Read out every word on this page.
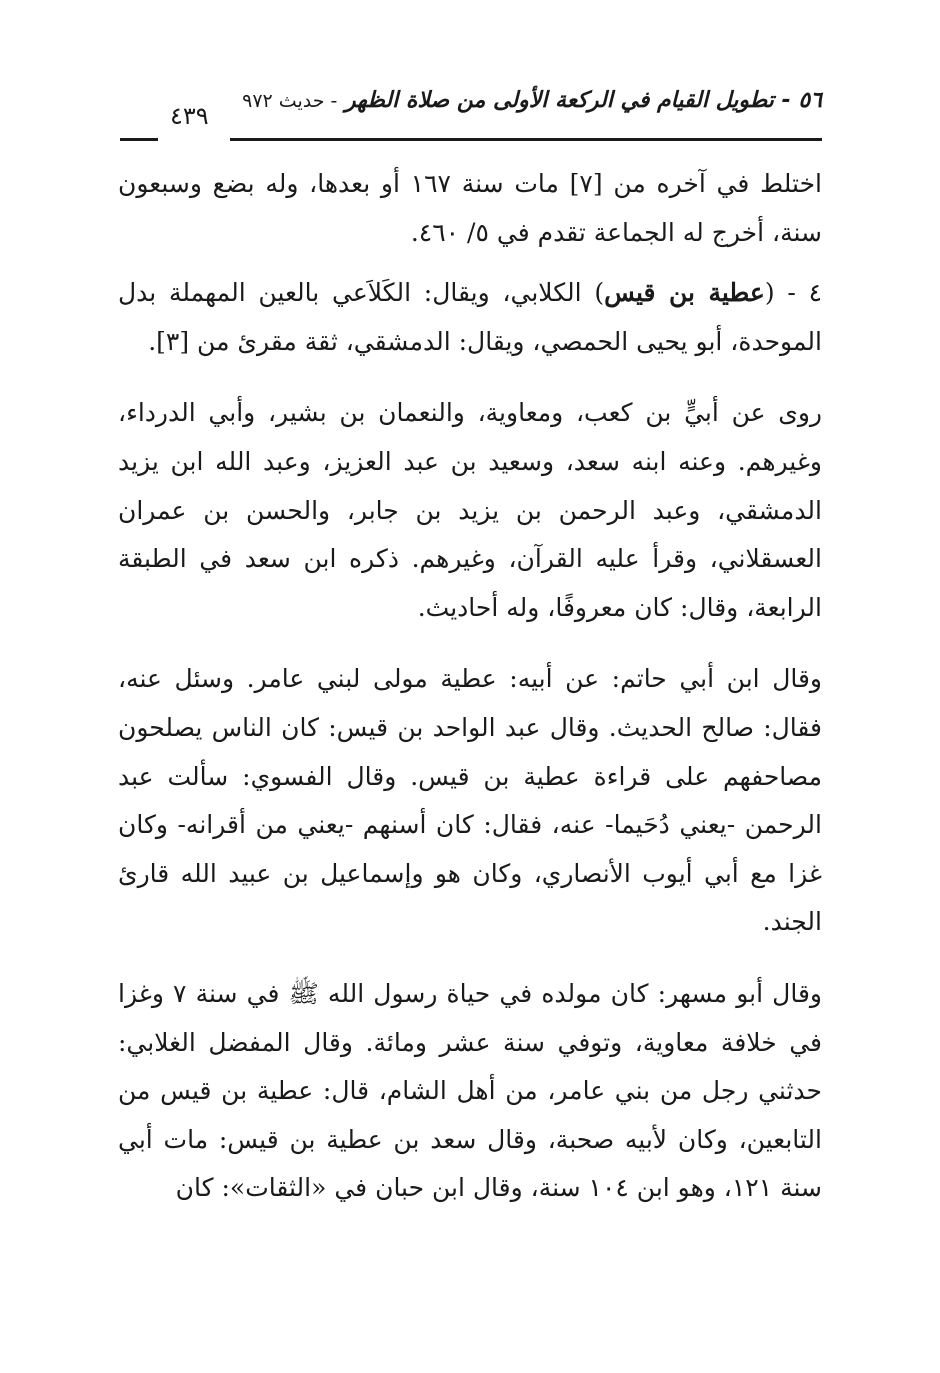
٥٦ - تطويل القيام في الركعة الأولى من صلاة الظهر - حديث ٩٧٢
٤٣٩

اختلط في آخره من [٧] مات سنة ١٦٧ أو بعدها، وله بضع وسبعون سنة، أخرج له الجماعة تقدم في ٥/ ٤٦٠.

٤ - (عطية بن قيس) الكلابي، ويقال: الكَلاَعي بالعين المهملة بدل الموحدة، أبو يحيى الحمصي، ويقال: الدمشقي، ثقة مقرئ من [٣].

روى عن أبيٍّ بن كعب، ومعاوية، والنعمان بن بشير، وأبي الدرداء، وغيرهم. وعنه ابنه سعد، وسعيد بن عبد العزيز، وعبد الله ابن يزيد الدمشقي، وعبد الرحمن بن يزيد بن جابر، والحسن بن عمران العسقلاني، وقرأ عليه القرآن، وغيرهم. ذكره ابن سعد في الطبقة الرابعة، وقال: كان معروفًا، وله أحاديث.

وقال ابن أبي حاتم: عن أبيه: عطية مولى لبني عامر. وسئل عنه، فقال: صالح الحديث. وقال عبد الواحد بن قيس: كان الناس يصلحون مصاحفهم على قراءة عطية بن قيس. وقال الفسوي: سألت عبد الرحمن -يعني دُحَيما- عنه، فقال: كان أسنهم -يعني من أقرانه- وكان غزا مع أبي أيوب الأنصاري، وكان هو وإسماعيل بن عبيد الله قارئ الجند.

وقال أبو مسهر: كان مولده في حياة رسول الله ﷺ في سنة ٧ وغزا في خلافة معاوية، وتوفي سنة عشر ومائة. وقال المفضل الغلابي: حدثني رجل من بني عامر، من أهل الشام، قال: عطية بن قيس من التابعين، وكان لأبيه صحبة، وقال سعد بن عطية بن قيس: مات أبي سنة ١٢١، وهو ابن ١٠٤ سنة، وقال ابن حبان في «الثقات»: كان
